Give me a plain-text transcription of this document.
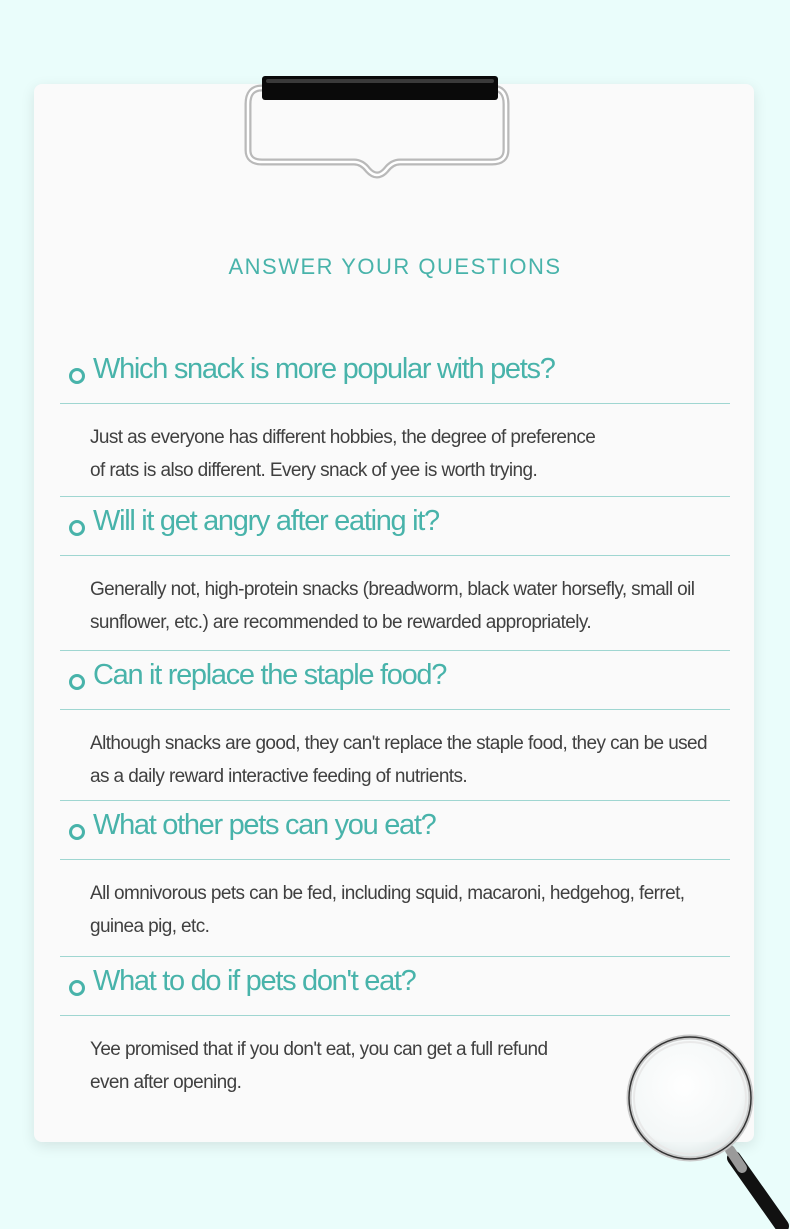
ANSWER YOUR QUESTIONS
Which snack is more popular with pets?
Just as everyone has different hobbies, the degree of preference
of rats is also different. Every snack of yee is worth trying.
Will it get angry after eating it?
Generally not, high-protein snacks (breadworm, black water horsefly, small oil
sunflower, etc.) are recommended to be rewarded appropriately.
Can it replace the staple food?
Although snacks are good, they can't replace the staple food, they can be used
as a daily reward interactive feeding of nutrients.
What other pets can you eat?
All omnivorous pets can be fed, including squid, macaroni, hedgehog, ferret,
guinea pig, etc.
What to do if pets don't eat?
Yee promised that if you don't eat, you can get a full refund
even after opening.
